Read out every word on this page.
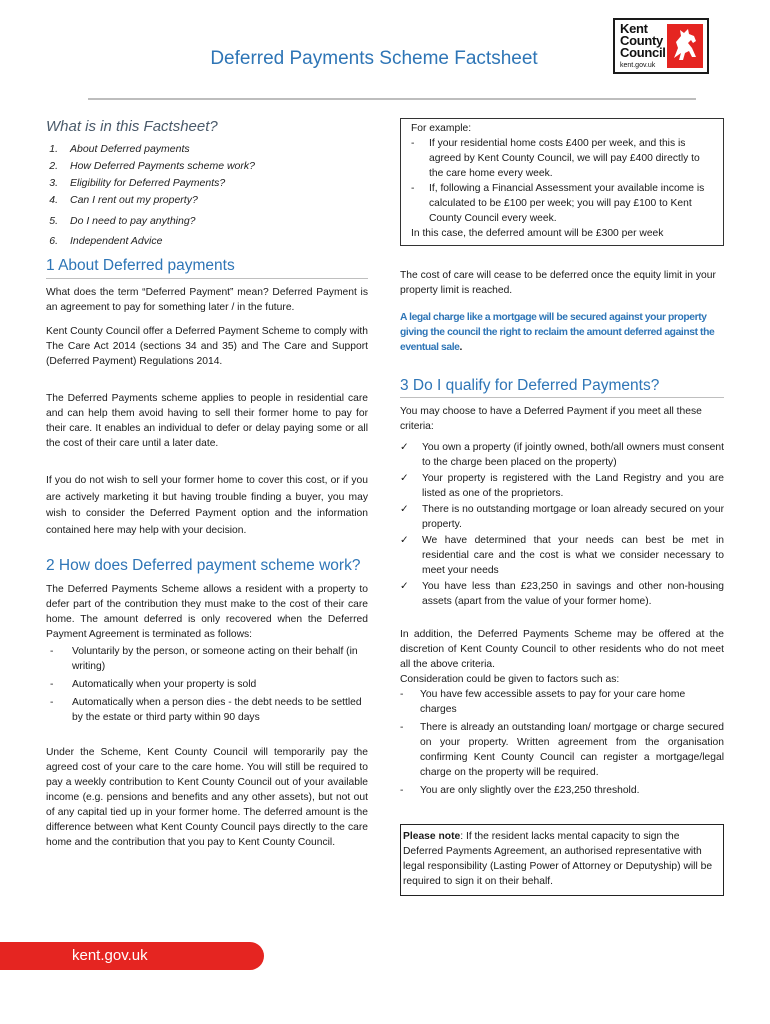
Deferred Payments Scheme Factsheet
Kent
County
Council
kent.gov.uk
What is in this Factsheet?
1.	About Deferred payments
2.	How Deferred Payments scheme work?
3.	Eligibility for Deferred Payments?
4.	Can I rent out my property?
5.	Do I need to pay anything?
6.	Independent Advice
1 About Deferred payments

What does the term “Deferred Payment” mean? Deferred Payment is an agreement to pay for something later / in the future.

Kent County Council offer a Deferred Payment Scheme to comply with The Care Act 2014 (sections 34 and 35) and The Care and Support (Deferred Payment) Regulations 2014.

The Deferred Payments scheme applies to people in residential care and can help them avoid having to sell their former home to pay for their care. It enables an individual to defer or delay paying some or all the cost of their care until a later date.

If you do not wish to sell your former home to cover this cost, or if you are actively marketing it but having trouble finding a buyer, you may wish to consider the Deferred Payment option and the information contained here may help with your decision.

2 How does Deferred payment scheme work?

The Deferred Payments Scheme allows a resident with a property to defer part of the contribution they must make to the cost of their care home. The amount deferred is only recovered when the Deferred Payment Agreement is terminated as follows:

-	Voluntarily by the person, or someone acting on their behalf (in writing)
-	Automatically when your property is sold
-	Automatically when a person dies - the debt needs to be settled by the estate or third party within 90 days

Under the Scheme, Kent County Council will temporarily pay the agreed cost of your care to the care home. You will still be required to pay a weekly contribution to Kent County Council out of your available income (e.g. pensions and benefits and any other assets), but not out of any capital tied up in your former home. The deferred amount is the difference between what Kent County Council pays directly to the care home and the contribution that you pay to Kent County Council.

For example:
-	If your residential home costs £400 per week, and this is agreed by Kent County Council, we will pay £400 directly to the care home every week.
-	If, following a Financial Assessment your available income is calculated to be £100 per week; you will pay £100 to Kent County Council every week.
In this case, the deferred amount will be £300 per week

The cost of care will cease to be deferred once the equity limit in your property limit is reached.

A legal charge like a mortgage will be secured against your property giving the council the right to reclaim the amount deferred against the eventual sale.

3 Do I qualify for Deferred Payments?

You may choose to have a Deferred Payment if you meet all these criteria:

✓	You own a property (if jointly owned, both/all owners must consent to the charge been placed on the property)
✓	Your property is registered with the Land Registry and you are listed as one of the proprietors.
✓	There is no outstanding mortgage or loan already secured on your property.
✓	We have determined that your needs can best be met in residential care and the cost is what we consider necessary to meet your needs
✓	You have less than £23,250 in savings and other non-housing assets (apart from the value of your former home).

In addition, the Deferred Payments Scheme may be offered at the discretion of Kent County Council to other residents who do not meet all the above criteria.

Consideration could be given to factors such as:

-	You have few accessible assets to pay for your care home charges
-	There is already an outstanding loan/ mortgage or charge secured on your property. Written agreement from the organisation confirming Kent County Council can register a mortgage/legal charge on the property will be required.
-	You are only slightly over the £23,250 threshold.
Please note: If the resident lacks mental capacity to sign the Deferred Payments Agreement, an authorised representative with legal responsibility (Lasting Power of Attorney or Deputyship) will be required to sign it on their behalf.
kent.gov.uk
